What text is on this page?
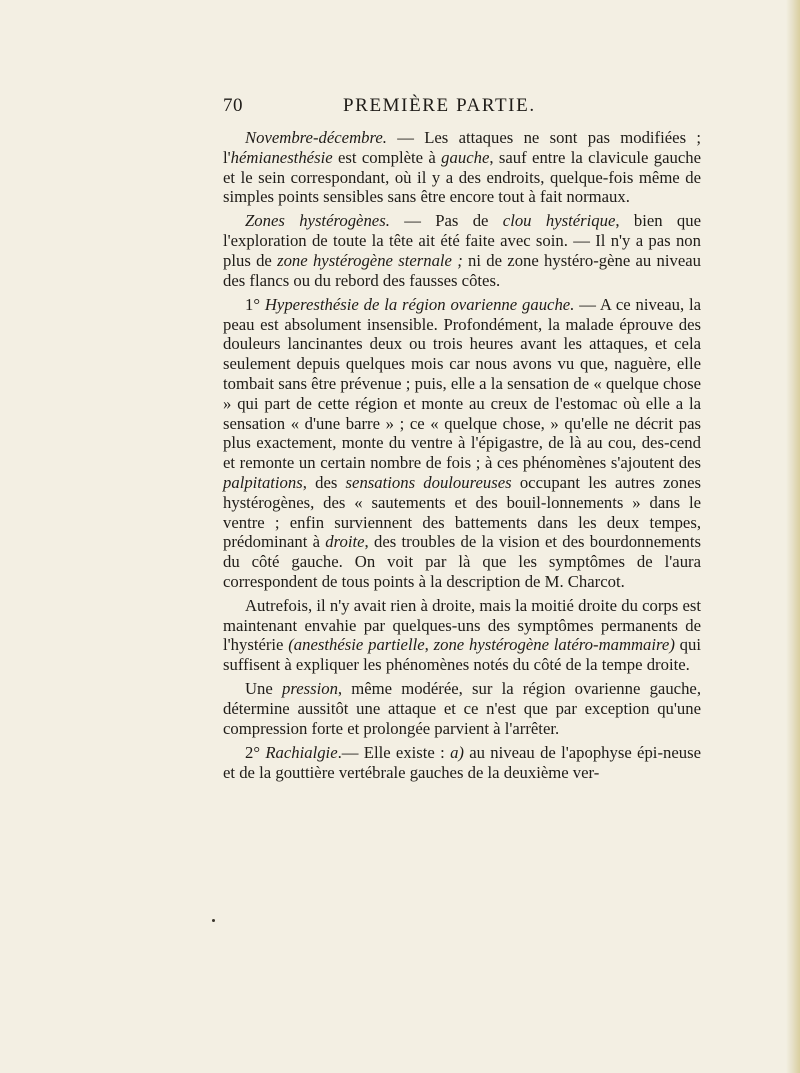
70	PREMIÈRE PARTIE.

Novembre-décembre. — Les attaques ne sont pas modifiées ; l'hémianesthésie est complète à gauche, sauf entre la clavicule gauche et le sein correspondant, où il y a des endroits, quelque-fois même de simples points sensibles sans être encore tout à fait normaux.

Zones hystérogènes. — Pas de clou hystérique, bien que l'exploration de toute la tête ait été faite avec soin. — Il n'y a pas non plus de zone hystérogène sternale ; ni de zone hystéro-gène au niveau des flancs ou du rebord des fausses côtes.

1° Hyperesthésie de la région ovarienne gauche. — A ce niveau, la peau est absolument insensible. Profondément, la malade éprouve des douleurs lancinantes deux ou trois heures avant les attaques, et cela seulement depuis quelques mois car nous avons vu que, naguère, elle tombait sans être prévenue ; puis, elle a la sensation de « quelque chose » qui part de cette région et monte au creux de l'estomac où elle a la sensation « d'une barre » ; ce « quelque chose, » qu'elle ne décrit pas plus exactement, monte du ventre à l'épigastre, de là au cou, des-cend et remonte un certain nombre de fois ; à ces phénomènes s'ajoutent des palpitations, des sensations douloureuses occupant les autres zones hystérogènes, des « sautements et des bouil-lonnements » dans le ventre ; enfin surviennent des battements dans les deux tempes, prédominant à droite, des troubles de la vision et des bourdonnements du côté gauche. On voit par là que les symptômes de l'aura correspondent de tous points à la description de M. Charcot.

Autrefois, il n'y avait rien à droite, mais la moitié droite du corps est maintenant envahie par quelques-uns des symptômes permanents de l'hystérie (anesthésie partielle, zone hystérogène latéro-mammaire) qui suffisent à expliquer les phénomènes notés du côté de la tempe droite.

Une pression, même modérée, sur la région ovarienne gauche, détermine aussitôt une attaque et ce n'est que par exception qu'une compression forte et prolongée parvient à l'arrêter.

2° Rachialgie.— Elle existe : a) au niveau de l'apophyse épi-neuse et de la gouttière vertébrale gauches de la deuxième ver-
